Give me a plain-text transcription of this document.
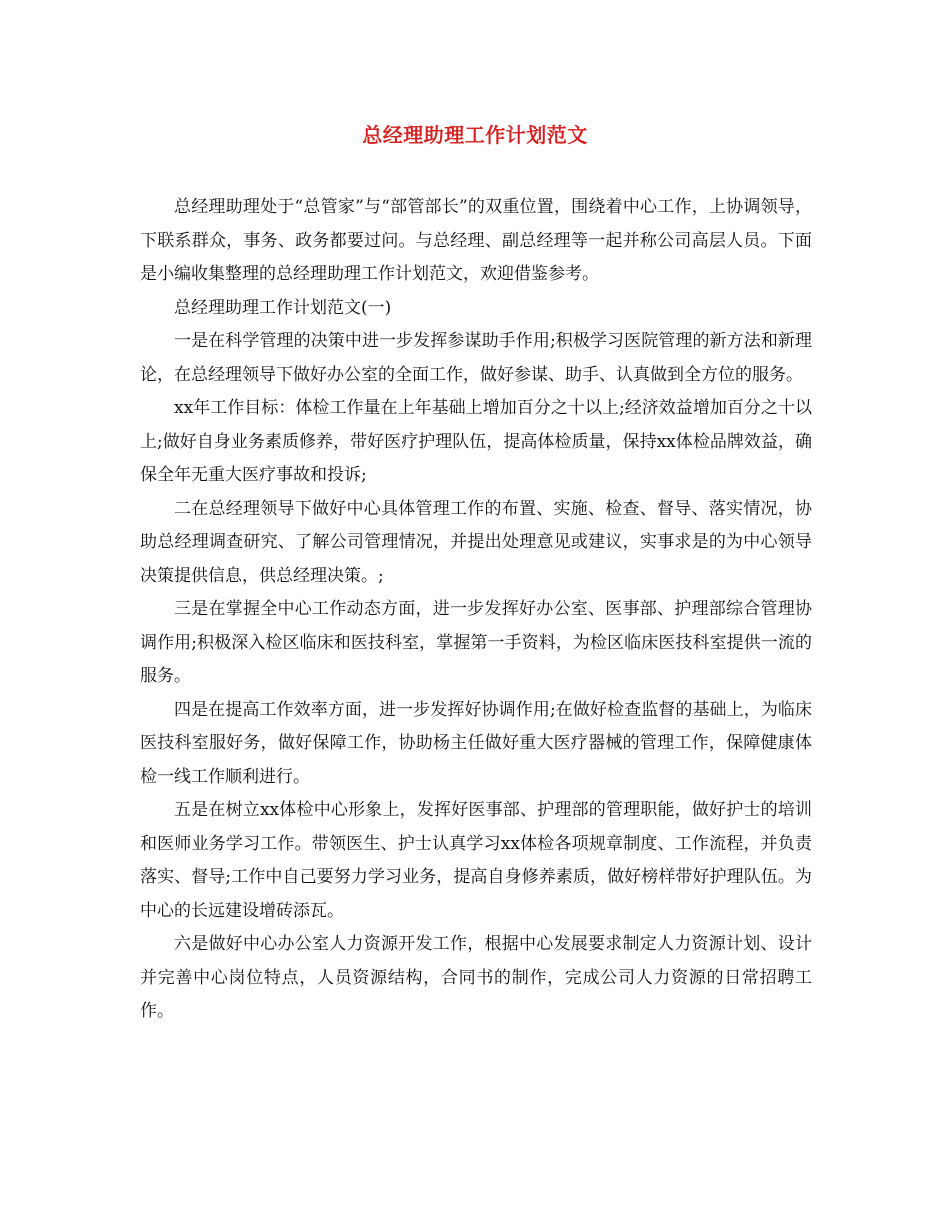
总经理助理工作计划范文

总经理助理处于“总管家”与“部管部长”的双重位置，围绕着中心工作，上协调领导，下联系群众，事务、政务都要过问。与总经理、副总经理等一起并称公司高层人员。下面是小编收集整理的总经理助理工作计划范文，欢迎借鉴参考。

总经理助理工作计划范文(一)

一是在科学管理的决策中进一步发挥参谋助手作用;积极学习医院管理的新方法和新理论，在总经理领导下做好办公室的全面工作，做好参谋、助手、认真做到全方位的服务。

xx年工作目标：体检工作量在上年基础上增加百分之十以上;经济效益增加百分之十以上;做好自身业务素质修养，带好医疗护理队伍，提高体检质量，保持xx体检品牌效益，确保全年无重大医疗事故和投诉;

二在总经理领导下做好中心具体管理工作的布置、实施、检查、督导、落实情况，协助总经理调查研究、了解公司管理情况，并提出处理意见或建议，实事求是的为中心领导决策提供信息，供总经理决策。;

三是在掌握全中心工作动态方面，进一步发挥好办公室、医事部、护理部综合管理协调作用;积极深入检区临床和医技科室，掌握第一手资料，为检区临床医技科室提供一流的服务。

四是在提高工作效率方面，进一步发挥好协调作用;在做好检查监督的基础上，为临床医技科室服好务，做好保障工作，协助杨主任做好重大医疗器械的管理工作，保障健康体检一线工作顺利进行。

五是在树立xx体检中心形象上，发挥好医事部、护理部的管理职能，做好护士的培训和医师业务学习工作。带领医生、护士认真学习xx体检各项规章制度、工作流程，并负责落实、督导;工作中自己要努力学习业务，提高自身修养素质，做好榜样带好护理队伍。为中心的长远建设增砖添瓦。

六是做好中心办公室人力资源开发工作，根据中心发展要求制定人力资源计划、设计并完善中心岗位特点，人员资源结构，合同书的制作，完成公司人力资源的日常招聘工作。
